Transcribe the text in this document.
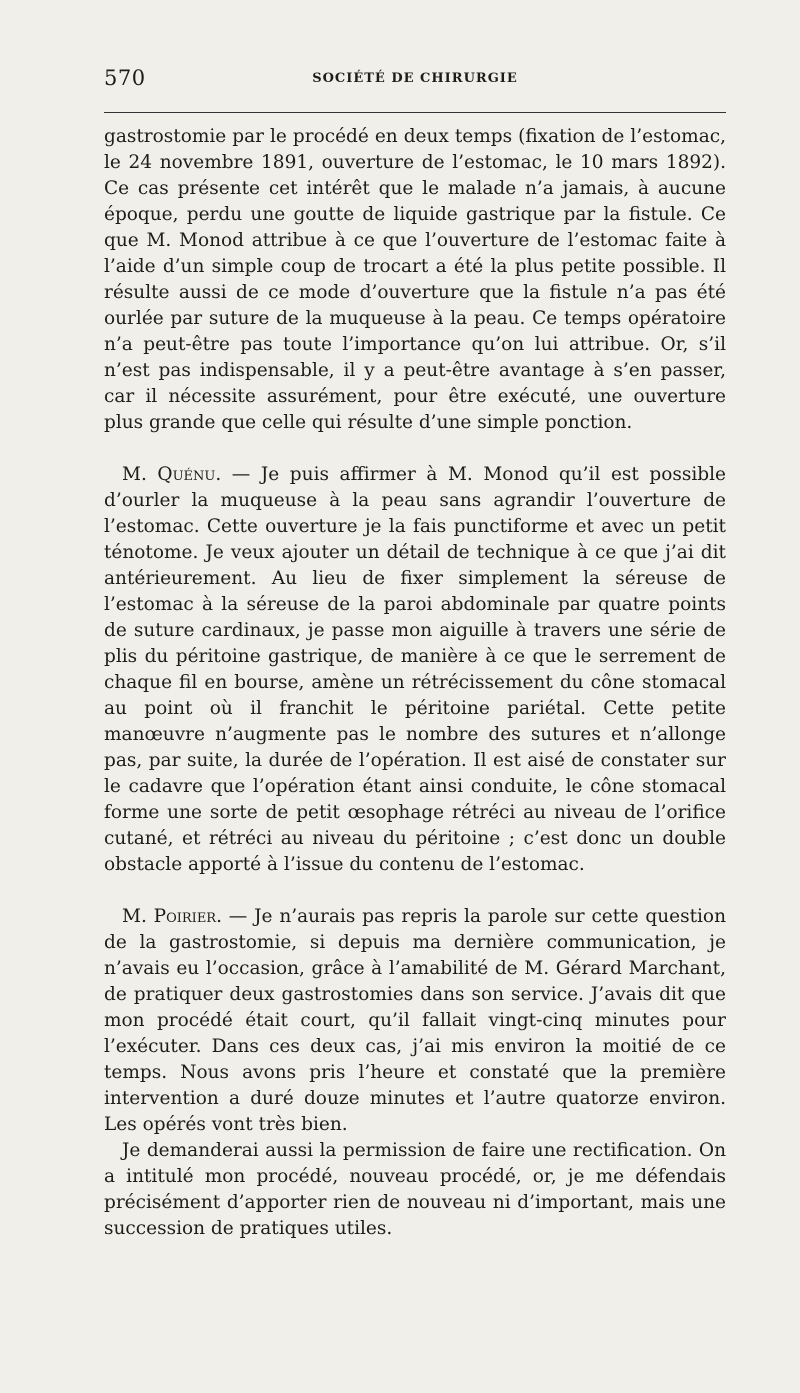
570	SOCIÉTÉ DE CHIRURGIE

gastrostomie par le procédé en deux temps (fixation de l’estomac, le 24 novembre 1891, ouverture de l’estomac, le 10 mars 1892). Ce cas présente cet intérêt que le malade n’a jamais, à aucune époque, perdu une goutte de liquide gastrique par la fistule. Ce que M. Monod attribue à ce que l’ouverture de l’estomac faite à l’aide d’un simple coup de trocart a été la plus petite possible. Il résulte aussi de ce mode d’ouverture que la fistule n’a pas été ourlée par suture de la muqueuse à la peau. Ce temps opératoire n’a peut-être pas toute l’importance qu’on lui attribue. Or, s’il n’est pas indispensable, il y a peut-être avantage à s’en passer, car il nécessite assurément, pour être exécuté, une ouverture plus grande que celle qui résulte d’une simple ponction.

M. Quénu. — Je puis affirmer à M. Monod qu’il est possible d’ourler la muqueuse à la peau sans agrandir l’ouverture de l’estomac. Cette ouverture je la fais punctiforme et avec un petit ténotome. Je veux ajouter un détail de technique à ce que j’ai dit antérieurement. Au lieu de fixer simplement la séreuse de l’estomac à la séreuse de la paroi abdominale par quatre points de suture cardinaux, je passe mon aiguille à travers une série de plis du péritoine gastrique, de manière à ce que le serrement de chaque fil en bourse, amène un rétrécissement du cône stomacal au point où il franchit le péritoine pariétal. Cette petite manœuvre n’augmente pas le nombre des sutures et n’allonge pas, par suite, la durée de l’opération. Il est aisé de constater sur le cadavre que l’opération étant ainsi conduite, le cône stomacal forme une sorte de petit œsophage rétréci au niveau de l’orifice cutané, et rétréci au niveau du péritoine ; c’est donc un double obstacle apporté à l’issue du contenu de l’estomac.

M. Poirier. — Je n’aurais pas repris la parole sur cette question de la gastrostomie, si depuis ma dernière communication, je n’avais eu l’occasion, grâce à l’amabilité de M. Gérard Marchant, de pratiquer deux gastrostomies dans son service. J’avais dit que mon procédé était court, qu’il fallait vingt-cinq minutes pour l’exécuter. Dans ces deux cas, j’ai mis environ la moitié de ce temps. Nous avons pris l’heure et constaté que la première intervention a duré douze minutes et l’autre quatorze environ. Les opérés vont très bien.

Je demanderai aussi la permission de faire une rectification. On a intitulé mon procédé, nouveau procédé, or, je me défendais précisément d’apporter rien de nouveau ni d’important, mais une succession de pratiques utiles.
